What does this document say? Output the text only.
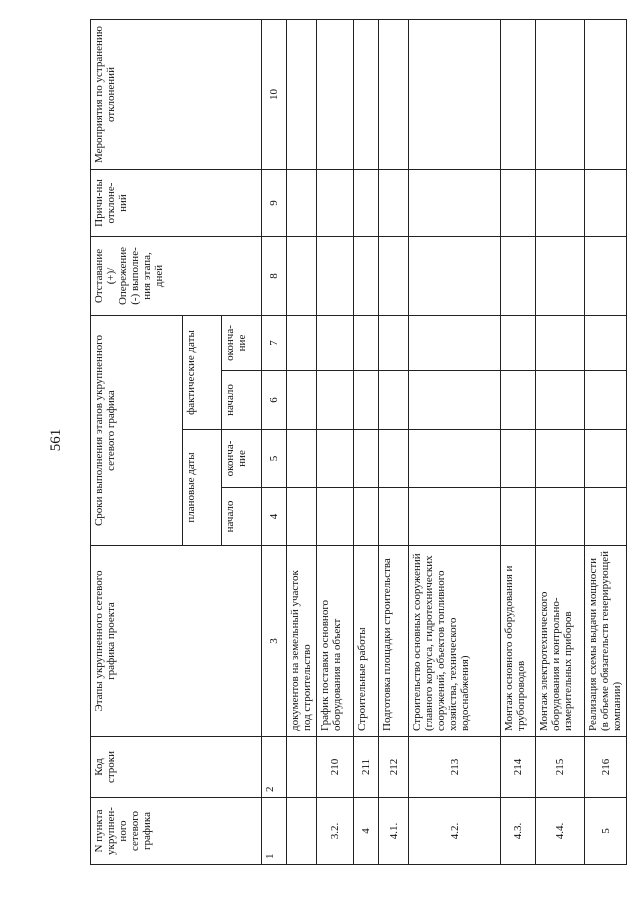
561
N пункта укрупнен-ного сетевого графика	Код строки	Этапы укрупненного сетевого графика проекта	Сроки выполнения этапов укрупненного сетевого графика				Отставание (+)/ Опережение (-) выполне-ния этапа, дней	Причи-ны отклоне-ний	Мероприятия по устранению отклонений
			плановые даты		фактические даты				
			начало	оконча-ние	начало	оконча-ние			
1	2	3	4	5	6	7	8	9	10
		документов на земельный участок под строительство							
3.2.	210	График поставки основного оборудования на объект							
4	211	Строительные работы							
4.1.	212	Подготовка площадки строительства							
4.2.	213	Строительство основных сооружений (главного корпуса, гидротехнических сооружений, объектов топливного хозяйства, технического водоснабжения)							
4.3.	214	Монтаж основного оборудования и трубопроводов							
4.4.	215	Монтаж электротехнического оборудования и контрольно-измерительных приборов							
5	216	Реализация схемы выдачи мощности (в объеме обязательств генерирующей компании)							
